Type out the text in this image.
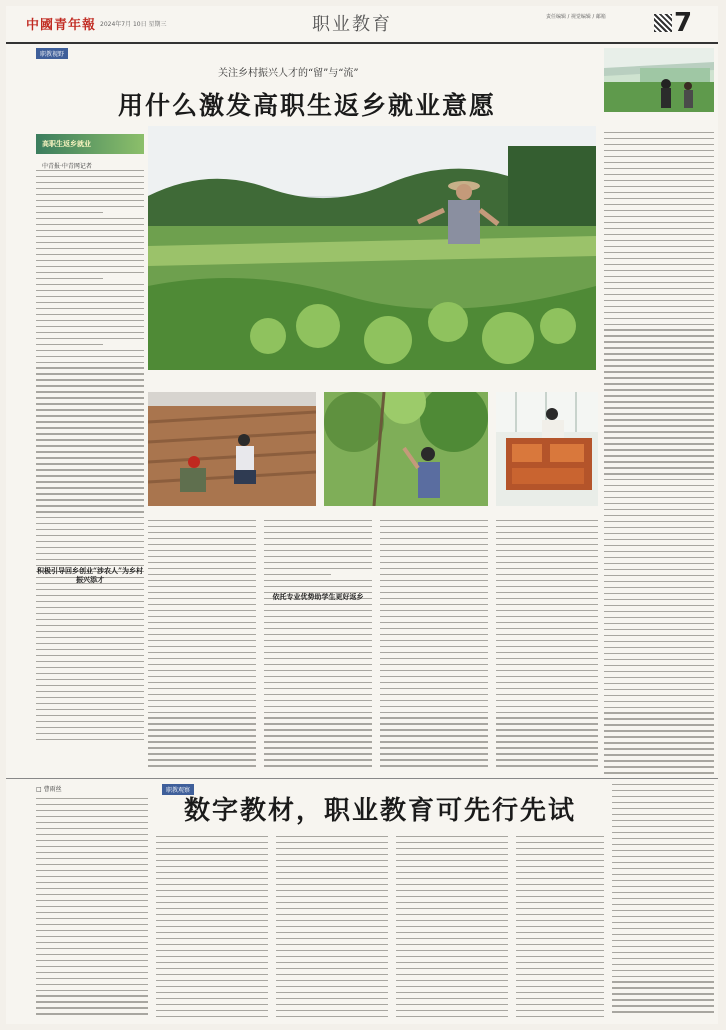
中國青年報 2024年7月 10日 星期三	职业教育	责任编辑 / 视觉编辑 / 邮箱	7
职教视野
关注乡村振兴人才的“留”与“流”
用什么激发高职生返乡就业意愿
高职生返乡就业
中青报·中青网记者
积极引导回乡创业“涉农人”为乡村振兴添才
依托专业优势助学生更好返乡
职教观察
□ 曹雨丝
数字教材，职业教育可先行先试
